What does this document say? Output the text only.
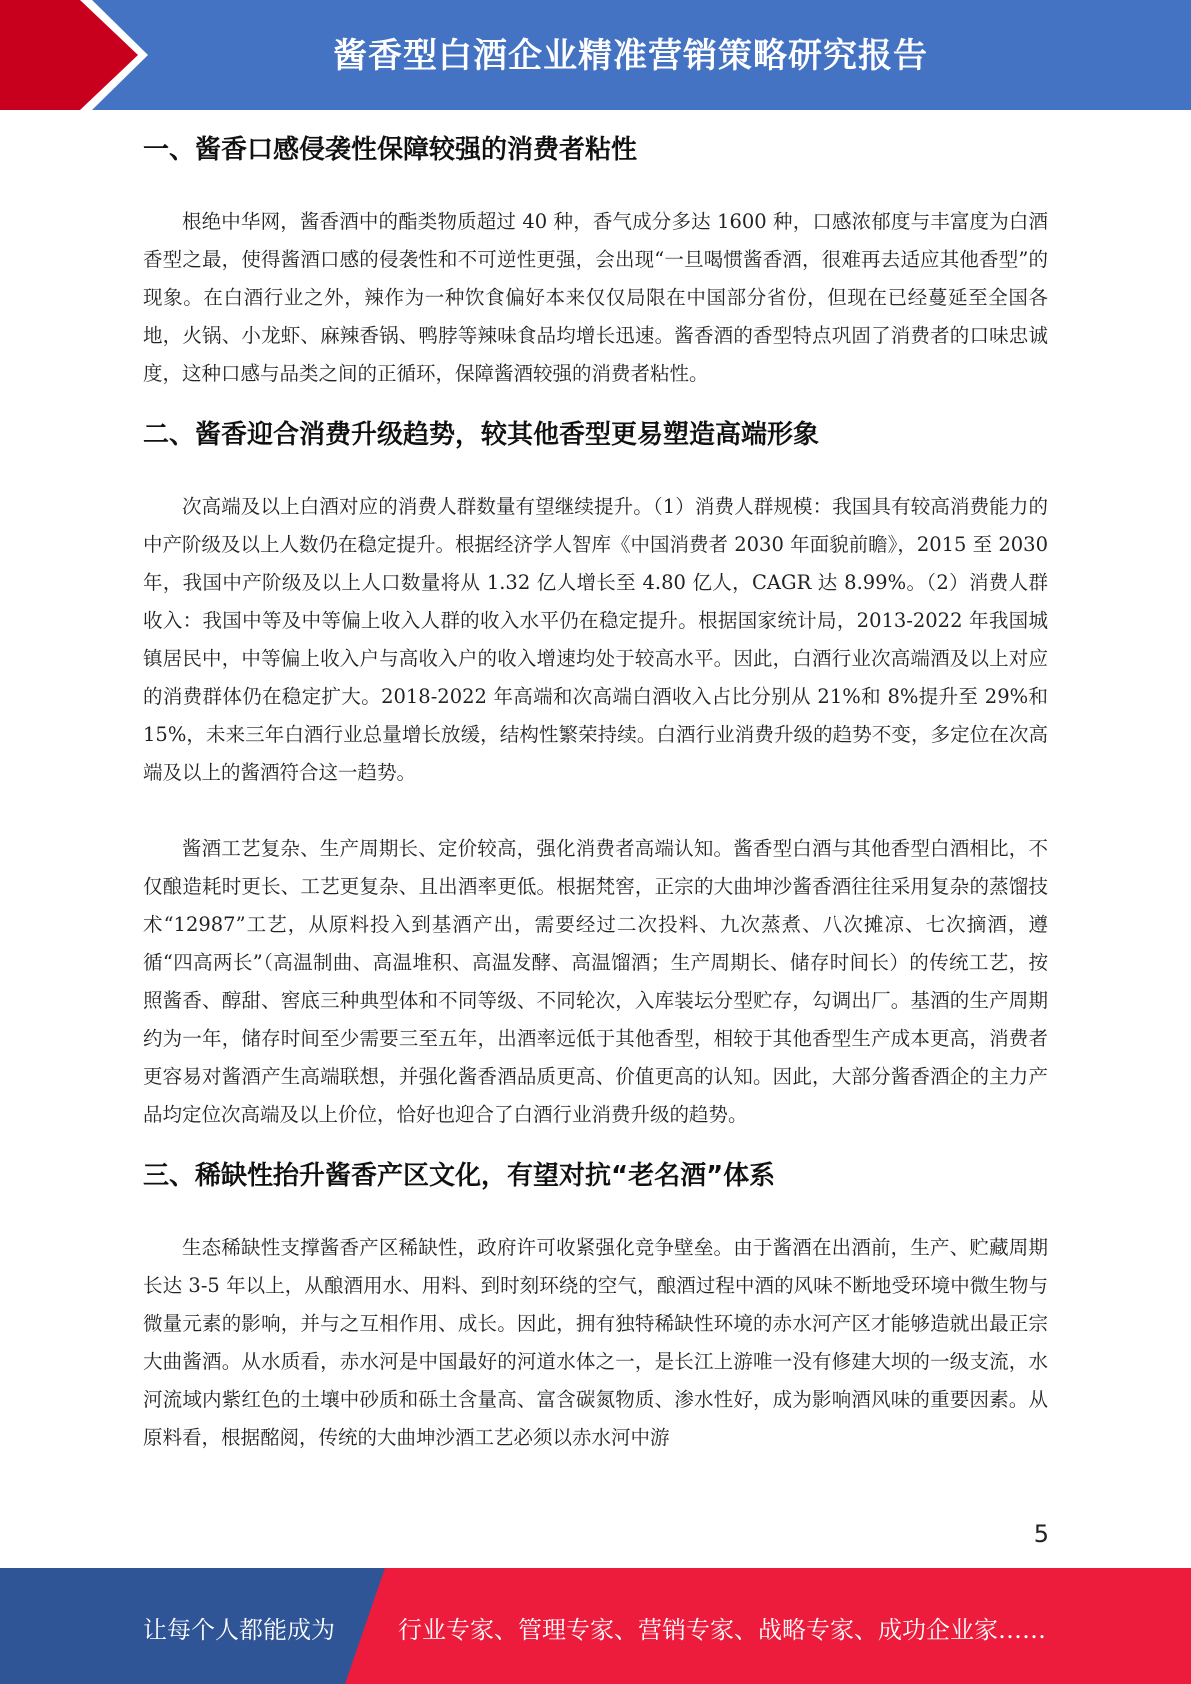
酱香型白酒企业精准营销策略研究报告
一、酱香口感侵袭性保障较强的消费者粘性

根绝中华网，酱香酒中的酯类物质超过 40 种，香气成分多达 1600 种，口感浓郁度与丰富度为白酒香型之最，使得酱酒口感的侵袭性和不可逆性更强，会出现“一旦喝惯酱香酒，很难再去适应其他香型”的现象。在白酒行业之外，辣作为一种饮食偏好本来仅仅局限在中国部分省份，但现在已经蔓延至全国各地，火锅、小龙虾、麻辣香锅、鸭脖等辣味食品均增长迅速。酱香酒的香型特点巩固了消费者的口味忠诚度，这种口感与品类之间的正循环，保障酱酒较强的消费者粘性。

二、酱香迎合消费升级趋势，较其他香型更易塑造高端形象

次高端及以上白酒对应的消费人群数量有望继续提升。（1）消费人群规模：我国具有较高消费能力的中产阶级及以上人数仍在稳定提升。根据经济学人智库《中国消费者 2030 年面貌前瞻》，2015 至 2030 年，我国中产阶级及以上人口数量将从 1.32 亿人增长至 4.80 亿人，CAGR 达 8.99%。（2）消费人群收入：我国中等及中等偏上收入人群的收入水平仍在稳定提升。根据国家统计局，2013-2022 年我国城镇居民中，中等偏上收入户与高收入户的收入增速均处于较高水平。因此，白酒行业次高端酒及以上对应的消费群体仍在稳定扩大。2018-2022 年高端和次高端白酒收入占比分别从 21%和 8%提升至 29%和 15%，未来三年白酒行业总量增长放缓，结构性繁荣持续。白酒行业消费升级的趋势不变，多定位在次高端及以上的酱酒符合这一趋势。

酱酒工艺复杂、生产周期长、定价较高，强化消费者高端认知。酱香型白酒与其他香型白酒相比，不仅酿造耗时更长、工艺更复杂、且出酒率更低。根据梵窖，正宗的大曲坤沙酱香酒往往采用复杂的蒸馏技术“12987”工艺，从原料投入到基酒产出，需要经过二次投料、九次蒸煮、八次摊凉、七次摘酒，遵循“四高两长”（高温制曲、高温堆积、高温发酵、高温馏酒；生产周期长、储存时间长）的传统工艺，按照酱香、醇甜、窖底三种典型体和不同等级、不同轮次，入库装坛分型贮存，勾调出厂。基酒的生产周期约为一年，储存时间至少需要三至五年，出酒率远低于其他香型，相较于其他香型生产成本更高，消费者更容易对酱酒产生高端联想，并强化酱香酒品质更高、价值更高的认知。因此，大部分酱香酒企的主力产品均定位次高端及以上价位，恰好也迎合了白酒行业消费升级的趋势。

三、稀缺性抬升酱香产区文化，有望对抗“老名酒”体系

生态稀缺性支撑酱香产区稀缺性，政府许可收紧强化竞争壁垒。由于酱酒在出酒前，生产、贮藏周期长达 3-5 年以上，从酿酒用水、用料、到时刻环绕的空气，酿酒过程中酒的风味不断地受环境中微生物与微量元素的影响，并与之互相作用、成长。因此，拥有独特稀缺性环境的赤水河产区才能够造就出最正宗大曲酱酒。从水质看，赤水河是中国最好的河道水体之一，是长江上游唯一没有修建大坝的一级支流，水河流域内紫红色的土壤中砂质和砾土含量高、富含碳氮物质、渗水性好，成为影响酒风味的重要因素。从原料看，根据酩阅，传统的大曲坤沙酒工艺必须以赤水河中游

5
让每个人都能成为	行业专家、管理专家、营销专家、战略专家、成功企业家……
